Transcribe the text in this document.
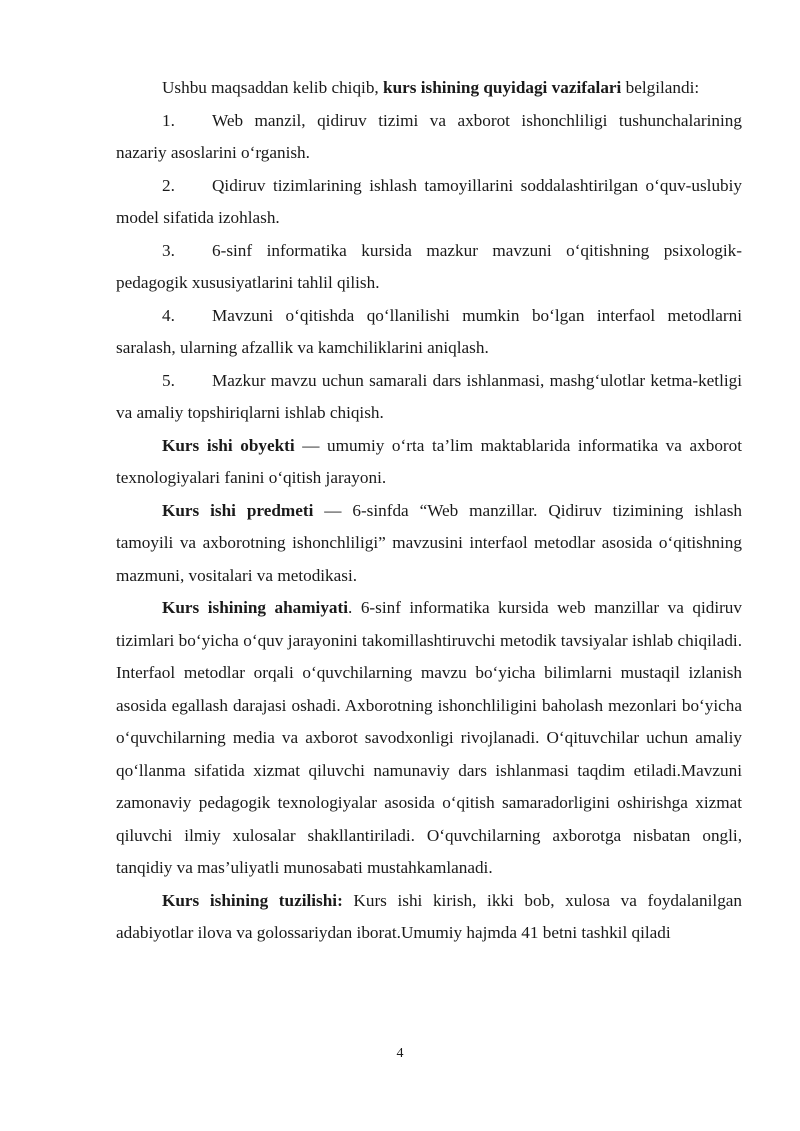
Ushbu maqsaddan kelib chiqib, kurs ishining quyidagi vazifalari belgilandi:

1. Web manzil, qidiruv tizimi va axborot ishonchliligi tushunchalarining nazariy asoslarini o‘rganish.

2. Qidiruv tizimlarining ishlash tamoyillarini soddalashtirilgan o‘quv-uslubiy model sifatida izohlash.

3. 6-sinf informatika kursida mazkur mavzuni o‘qitishning psixologik-pedagogik xususiyatlarini tahlil qilish.

4. Mavzuni o‘qitishda qo‘llanilishi mumkin bo‘lgan interfaol metodlarni saralash, ularning afzallik va kamchiliklarini aniqlash.

5. Mazkur mavzu uchun samarali dars ishlanmasi, mashg‘ulotlar ketma-ketligi va amaliy topshiriqlarni ishlab chiqish.

Kurs ishi obyekti — umumiy o‘rta ta’lim maktablarida informatika va axborot texnologiyalari fanini o‘qitish jarayoni.

Kurs ishi predmeti — 6-sinfda “Web manzillar. Qidiruv tizimining ishlash tamoyili va axborotning ishonchliligi” mavzusini interfaol metodlar asosida o‘qitishning mazmuni, vositalari va metodikasi.

Kurs ishining ahamiyati. 6-sinf informatika kursida web manzillar va qidiruv tizimlari bo‘yicha o‘quv jarayonini takomillashtiruvchi metodik tavsiyalar ishlab chiqiladi. Interfaol metodlar orqali o‘quvchilarning mavzu bo‘yicha bilimlarni mustaqil izlanish asosida egallash darajasi oshadi. Axborotning ishonchliligini baholash mezonlari bo‘yicha o‘quvchilarning media va axborot savodxonligi rivojlanadi. O‘qituvchilar uchun amaliy qo‘llanma sifatida xizmat qiluvchi namunaviy dars ishlanmasi taqdim etiladi.Mavzuni zamonaviy pedagogik texnologiyalar asosida o‘qitish samaradorligini oshirishga xizmat qiluvchi ilmiy xulosalar shakllantiriladi. O‘quvchilarning axborotga nisbatan ongli, tanqidiy va mas’uliyatli munosabati mustahkamlanadi.

Kurs ishining tuzilishi: Kurs ishi kirish, ikki bob, xulosa va foydalanilgan adabiyotlar ilova va golossariydan iborat.Umumiy hajmda 41 betni tashkil qiladi

4
